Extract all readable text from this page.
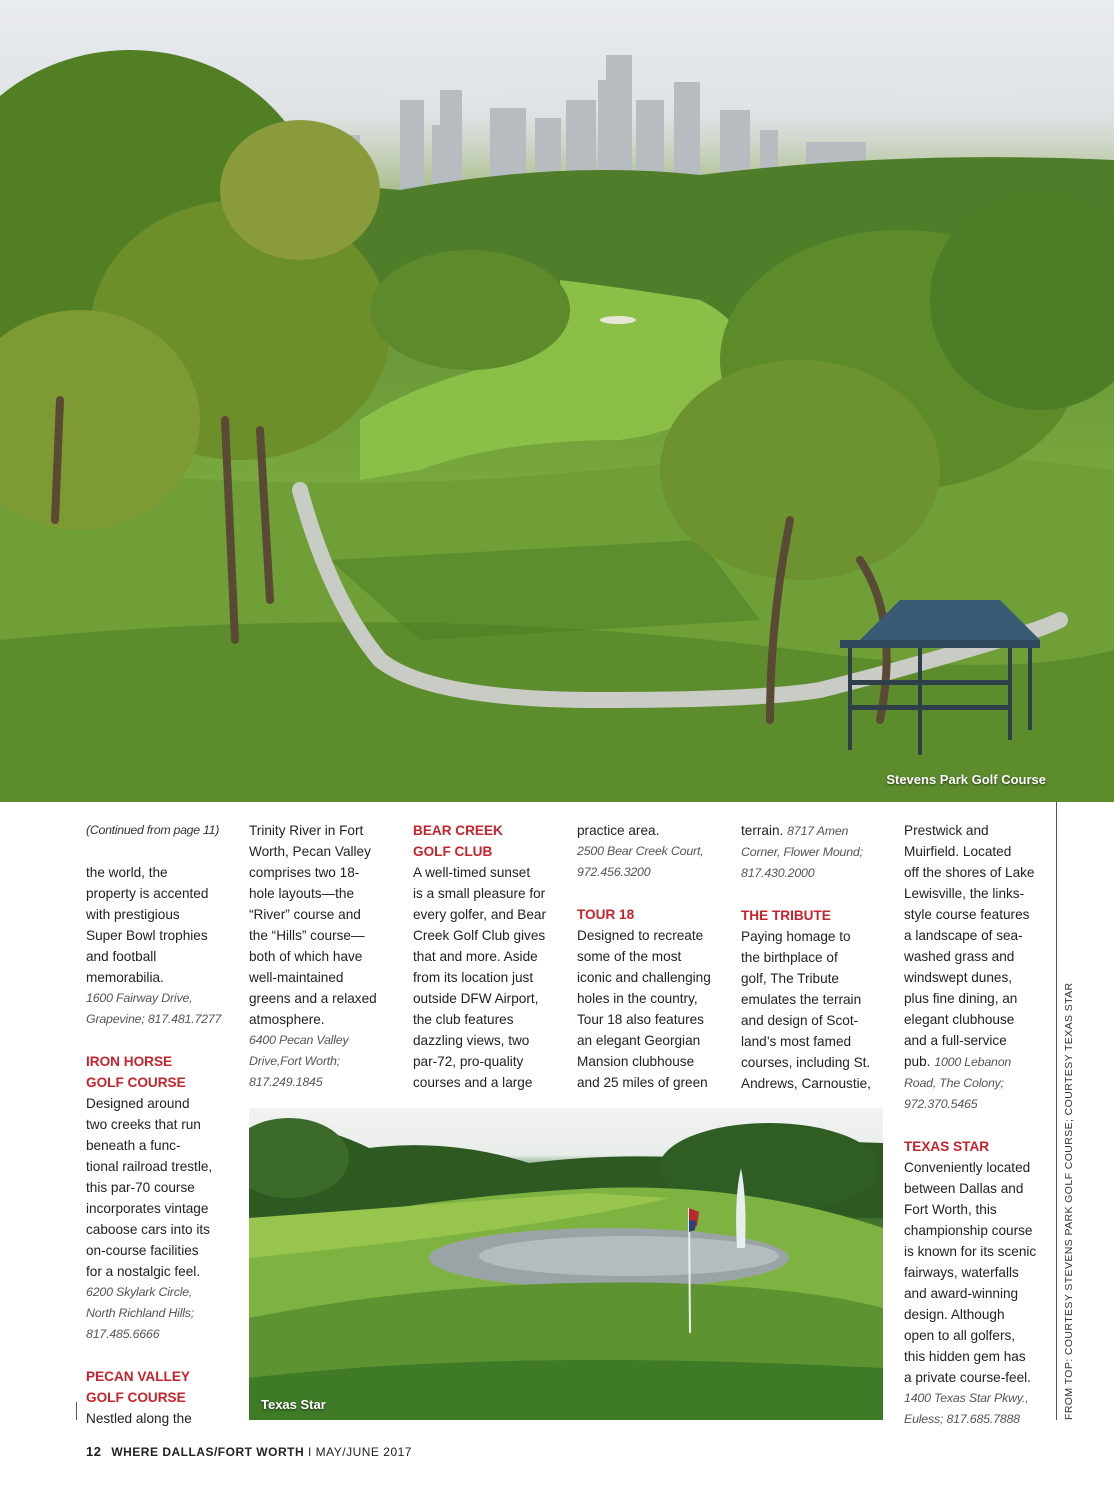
Stevens Park Golf Course

(Continued from page 11)

the world, the

property is accented

with prestigious

Super Bowl trophies

and football

memorabilia.

1600 Fairway Drive,

Grapevine; 817.481.7277

IRON HORSE

GOLF COURSE

Designed around

two creeks that run

beneath a func-

tional railroad trestle,

this par-70 course

incorporates vintage

caboose cars into its

on-course facilities

for a nostalgic feel.

6200 Skylark Circle,

North Richland Hills;

817.485.6666

PECAN VALLEY

GOLF COURSE

Nestled along the

Trinity River in Fort

Worth, Pecan Valley

comprises two 18-

hole layouts—the

“River” course and

the “Hills” course—

both of which have

well-maintained

greens and a relaxed

atmosphere.

6400 Pecan Valley

Drive,Fort Worth;

817.249.1845

BEAR CREEK

GOLF CLUB

A well-timed sunset

is a small pleasure for

every golfer, and Bear

Creek Golf Club gives

that and more. Aside

from its location just

outside DFW Airport,

the club features

dazzling views, two

par-72, pro-quality

courses and a large

practice area.

2500 Bear Creek Court,

972.456.3200

TOUR 18

Designed to recreate

some of the most

iconic and challenging

holes in the country,

Tour 18 also features

an elegant Georgian

Mansion clubhouse

and 25 miles of green

terrain. 8717 Amen

Corner, Flower Mound;

817.430.2000

THE TRIBUTE

Paying homage to

the birthplace of

golf, The Tribute

emulates the terrain

and design of Scot-

land’s most famed

courses, including St.

Andrews, Carnoustie,

Prestwick and

Muirfield. Located

off the shores of Lake

Lewisville, the links-

style course features

a landscape of sea-

washed grass and

windswept dunes,

plus fine dining, an

elegant clubhouse

and a full-service

pub. 1000 Lebanon

Road, The Colony;

972.370.5465

TEXAS STAR

Conveniently located

between Dallas and

Fort Worth, this

championship course

is known for its scenic

fairways, waterfalls

and award-winning

design. Although

open to all golfers,

this hidden gem has

a private course-feel.

1400 Texas Star Pkwy.,

Euless; 817.685.7888

Texas Star	FROM TOP: COURTESY STEVENS PARK GOLF COURSE; COURTESY TEXAS STAR
12 WHERE DALLAS/FORT WORTH I MAY/JUNE 2017
